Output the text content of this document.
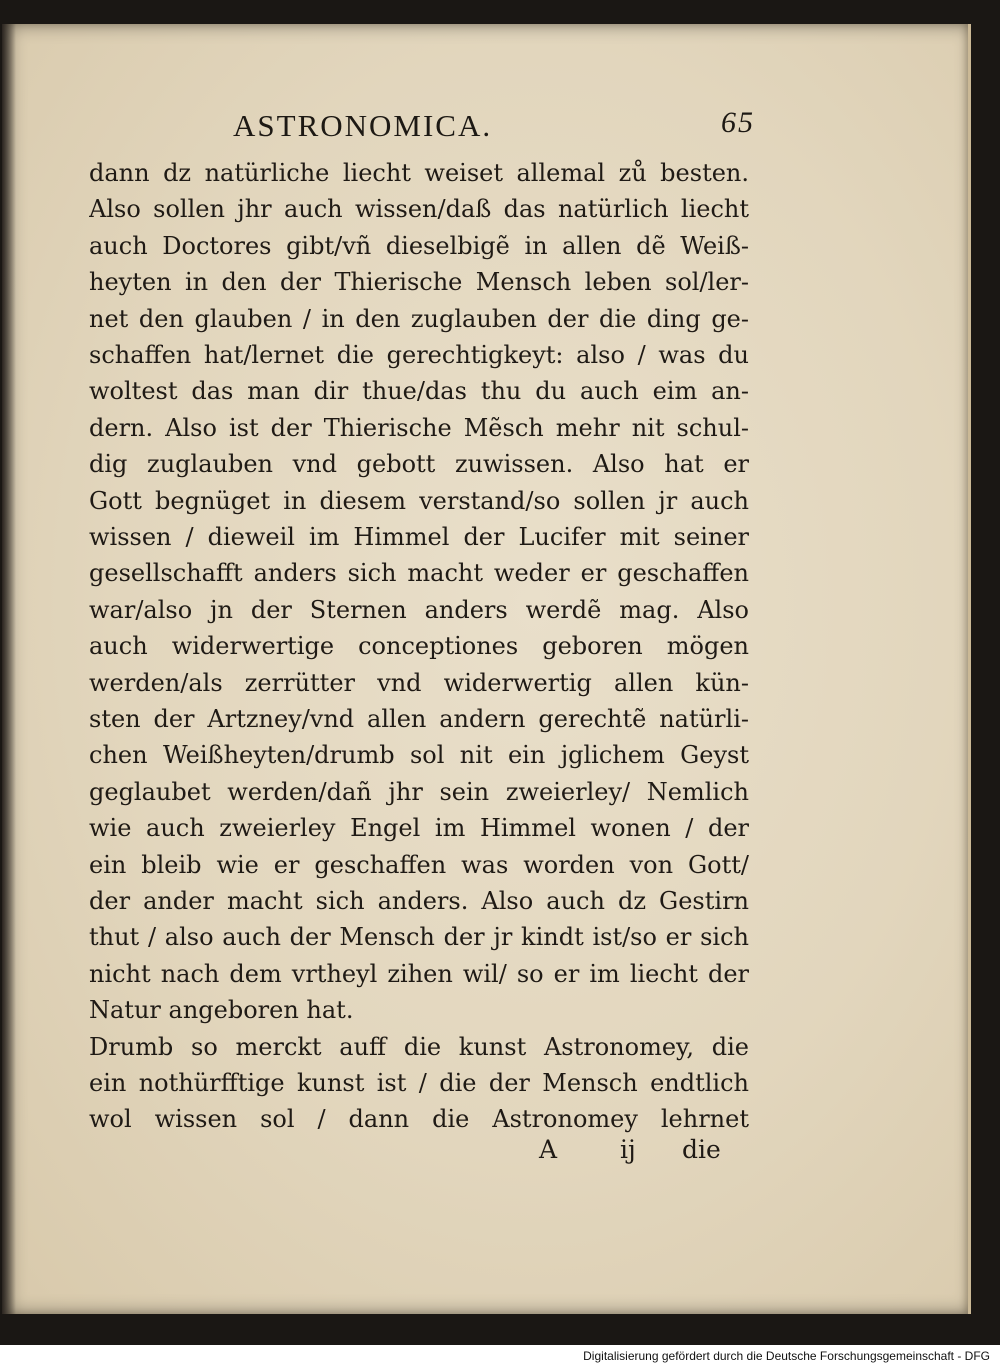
ASTRONOMICA.	65
dann dz natürliche liecht weiset allemal zů besten.
Also sollen jhr auch wissen/daß das natürlich liecht
auch Doctores gibt/vñ dieselbigẽ in allen dẽ Weiß-
heyten in den der Thierische Mensch leben sol/ler-
net den glauben / in den zuglauben der die ding ge-
schaffen hat/lernet die gerechtigkeyt: also / was du
woltest das man dir thue/das thu du auch eim an-
dern. Also ist der Thierische Mẽsch mehr nit schul-
dig zuglauben vnd gebott zuwissen. Also hat er
Gott begnüget in diesem verstand/so sollen jr auch
wissen / dieweil im Himmel der Lucifer mit seiner
gesellschafft anders sich macht weder er geschaffen
war/also jn der Sternen anders werdẽ mag. Also
auch widerwertige conceptiones geboren mögen
werden/als zerrütter vnd widerwertig allen kün-
sten der Artzney/vnd allen andern gerechtẽ natürli-
chen Weißheyten/drumb sol nit ein jglichem Geyst
geglaubet werden/dañ jhr sein zweierley/ Nemlich
wie auch zweierley Engel im Himmel wonen / der
ein bleib wie er geschaffen was worden von Gott/
der ander macht sich anders. Also auch dz Gestirn
thut / also auch der Mensch der jr kindt ist/so er sich
nicht nach dem vrtheyl zihen wil/ so er im liecht der
Natur angeboren hat.
Drumb so merckt auff die kunst Astronomey, die
ein nothürfftige kunst ist / die der Mensch endtlich
wol wissen sol / dann die Astronomey lehrnet
A	ij die
Digitalisierung gefördert durch die Deutsche Forschungsgemeinschaft - DFG
